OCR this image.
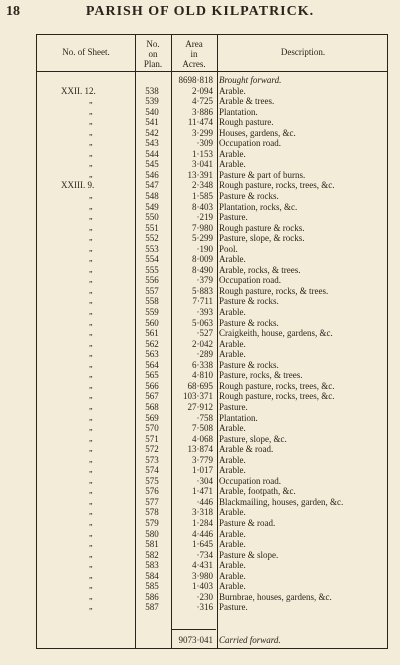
18	PARISH OF OLD KILPATRICK.
No. of Sheet.
No.
on
Plan.
Area
in
Acres.
Description.
8698·818 Brought forward.
XXII. 12.	538	2·094 Arable.
„	539	4·725 Arable & trees.
„	540	3·886 Plantation.
„	541	11·474 Rough pasture.
„	542	3·299 Houses, gardens, &c.
„	543	·309 Occupation road.
„	544	1·153 Arable.
„	545	3·041 Arable.
„	546	13·391 Pasture & part of burns.
XXIII. 9.	547	2·348 Rough pasture, rocks, trees, &c.
„	548	1·585 Pasture & rocks.
„	549	8·403 Plantation, rocks, &c.
„	550	·219 Pasture.
„	551	7·980 Rough pasture & rocks.
„	552	5·299 Pasture, slope, & rocks.
„	553	·190 Pool.
„	554	8·009 Arable.
„	555	8·490 Arable, rocks, & trees.
„	556	·379 Occupation road.
„	557	5·883 Rough pasture, rocks, & trees.
„	558	7·711 Pasture & rocks.
„	559	·393 Arable.
„	560	5·063 Pasture & rocks.
„	561	·527 Craigkeith, house, gardens, &c.
„	562	2·042 Arable.
„	563	·289 Arable.
„	564	6·338 Pasture & rocks.
„	565	4·810 Pasture, rocks, & trees.
„	566	68·695 Rough pasture, rocks, trees, &c.
„	567	103·371 Rough pasture, rocks, trees, &c.
„	568	27·912 Pasture.
„	569	·758 Plantation.
„	570	7·508 Arable.
„	571	4·068 Pasture, slope, &c.
„	572	13·874 Arable & road.
„	573	3·779 Arable.
„	574	1·017 Arable.
„	575	·304 Occupation road.
„	576	1·471 Arable, footpath, &c.
„	577	·446 Blackmailing, houses, garden, &c.
„	578	3·318 Arable.
„	579	1·284 Pasture & road.
„	580	4·446 Arable.
„	581	1·645 Arable.
„	582	·734 Pasture & slope.
„	583	4·431 Arable.
„	584	3·980 Arable.
„	585	1·403 Arable.
„	586	·230 Burnbrae, houses, gardens, &c.
„	587	·316 Pasture.
9073·041 Carried forward.
